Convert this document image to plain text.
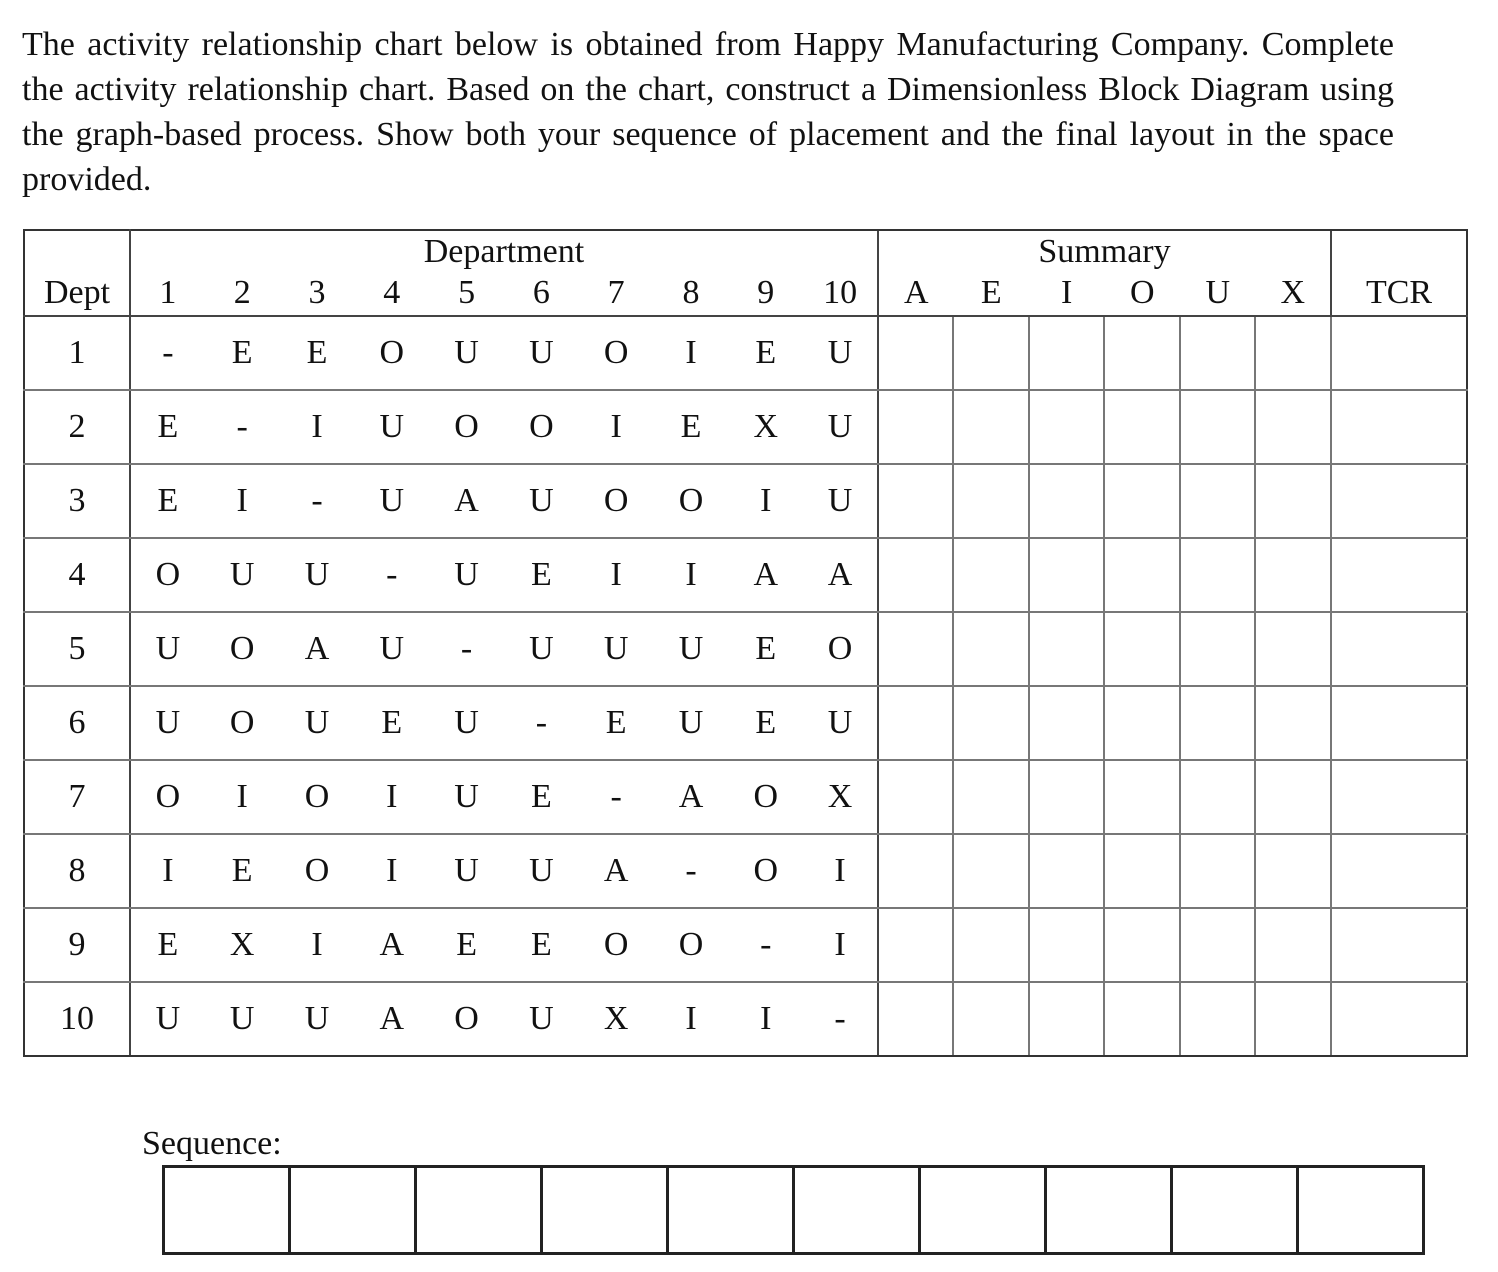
The activity relationship chart below is obtained from Happy Manufacturing Company. Complete the activity relationship chart. Based on the chart, construct a Dimensionless Block Diagram using the graph-based process. Show both your sequence of placement and the final layout in the space provided.
	Department										Summary						
Dept	1	2	3	4	5	6	7	8	9	10	A	E	I	O	U	X	TCR
1	-	E	E	O	U	U	O	I	E	U							
2	E	-	I	U	O	O	I	E	X	U							
3	E	I	-	U	A	U	O	O	I	U							
4	O	U	U	-	U	E	I	I	A	A							
5	U	O	A	U	-	U	U	U	E	O							
6	U	O	U	E	U	-	E	U	E	U							
7	O	I	O	I	U	E	-	A	O	X							
8	I	E	O	I	U	U	A	-	O	I							
9	E	X	I	A	E	E	O	O	-	I							
10	U	U	U	A	O	U	X	I	I	-							
Sequence:
